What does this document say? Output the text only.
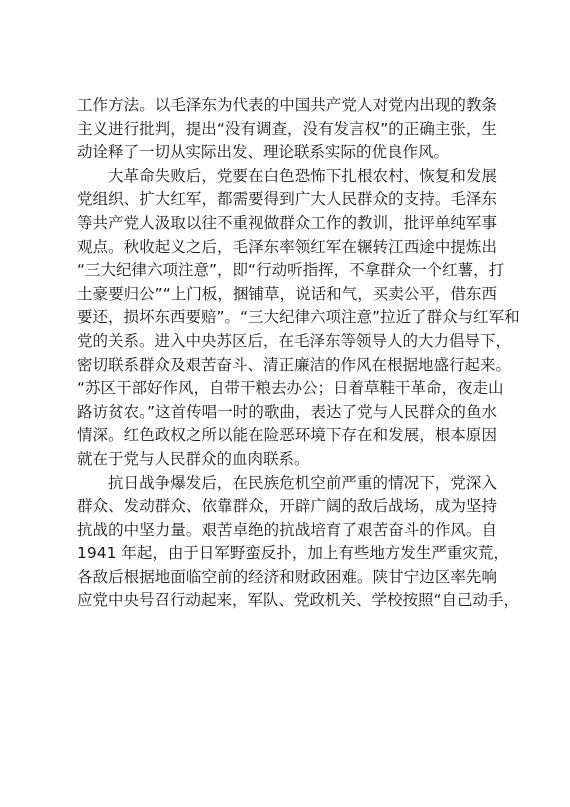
工作方法。以毛泽东为代表的中国共产党人对党内出现的教条
主义进行批判，提出“没有调查，没有发言权”的正确主张，生
动诠释了一切从实际出发、理论联系实际的优良作风。
大革命失败后，党要在白色恐怖下扎根农村、恢复和发展
党组织、扩大红军，都需要得到广大人民群众的支持。毛泽东
等共产党人汲取以往不重视做群众工作的教训，批评单纯军事
观点。秋收起义之后，毛泽东率领红军在辗转江西途中提炼出
“三大纪律六项注意”，即“行动听指挥，不拿群众一个红薯，打
土豪要归公”“上门板，捆铺草，说话和气，买卖公平，借东西
要还，损坏东西要赔”。“三大纪律六项注意”拉近了群众与红军和
党的关系。进入中央苏区后，在毛泽东等领导人的大力倡导下，
密切联系群众及艰苦奋斗、清正廉洁的作风在根据地盛行起来。
“苏区干部好作风，自带干粮去办公；日着草鞋干革命，夜走山
路访贫农。”这首传唱一时的歌曲，表达了党与人民群众的鱼水
情深。红色政权之所以能在险恶环境下存在和发展，根本原因
就在于党与人民群众的血肉联系。
抗日战争爆发后，在民族危机空前严重的情况下，党深入
群众、发动群众、依靠群众，开辟广阔的敌后战场，成为坚持
抗战的中坚力量。艰苦卓绝的抗战培育了艰苦奋斗的作风。自
1941 年起，由于日军野蛮反扑，加上有些地方发生严重灾荒，
各敌后根据地面临空前的经济和财政困难。陕甘宁边区率先响
应党中央号召行动起来，军队、党政机关、学校按照“自己动手，
